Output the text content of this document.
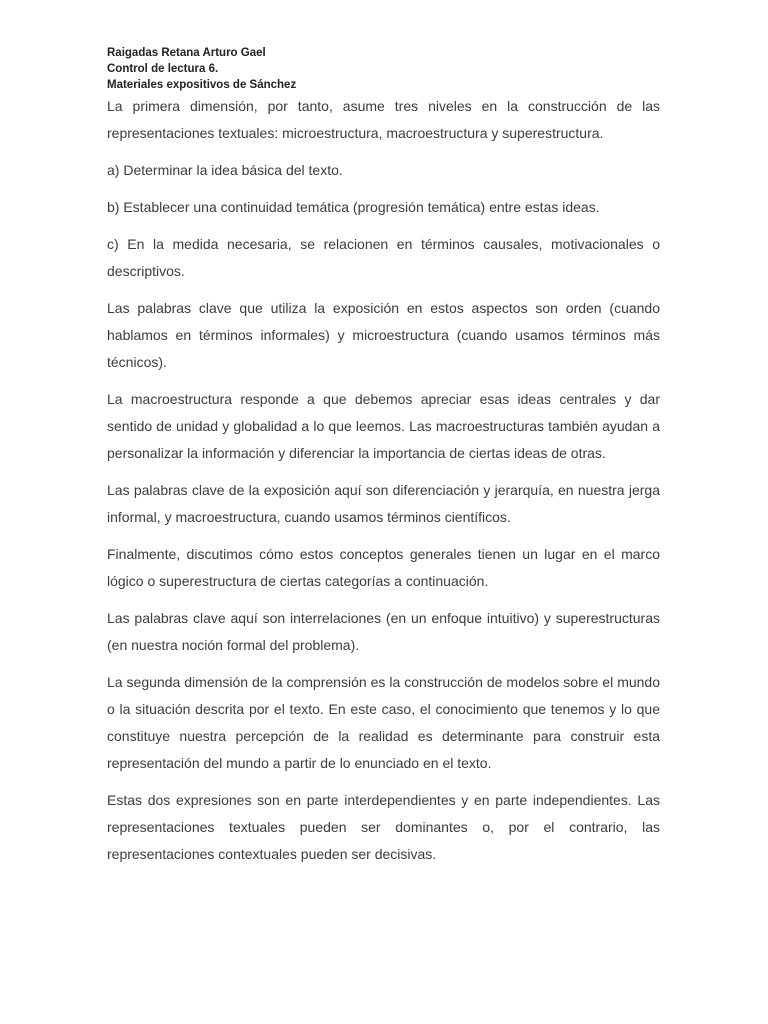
Raigadas Retana Arturo Gael
Control de lectura 6.
Materiales expositivos de Sánchez

La primera dimensión, por tanto, asume tres niveles en la construcción de las representaciones textuales: microestructura, macroestructura y superestructura.

a) Determinar la idea básica del texto.

b) Establecer una continuidad temática (progresión temática) entre estas ideas.

c) En la medida necesaria, se relacionen en términos causales, motivacionales o descriptivos.

Las palabras clave que utiliza la exposición en estos aspectos son orden (cuando hablamos en términos informales) y microestructura (cuando usamos términos más técnicos).

La macroestructura responde a que debemos apreciar esas ideas centrales y dar sentido de unidad y globalidad a lo que leemos. Las macroestructuras también ayudan a personalizar la información y diferenciar la importancia de ciertas ideas de otras.

Las palabras clave de la exposición aquí son diferenciación y jerarquía, en nuestra jerga informal, y macroestructura, cuando usamos términos científicos.

Finalmente, discutimos cómo estos conceptos generales tienen un lugar en el marco lógico o superestructura de ciertas categorías a continuación.

Las palabras clave aquí son interrelaciones (en un enfoque intuitivo) y superestructuras (en nuestra noción formal del problema).

La segunda dimensión de la comprensión es la construcción de modelos sobre el mundo o la situación descrita por el texto. En este caso, el conocimiento que tenemos y lo que constituye nuestra percepción de la realidad es determinante para construir esta representación del mundo a partir de lo enunciado en el texto.

Estas dos expresiones son en parte interdependientes y en parte independientes. Las representaciones textuales pueden ser dominantes o, por el contrario, las representaciones contextuales pueden ser decisivas.
